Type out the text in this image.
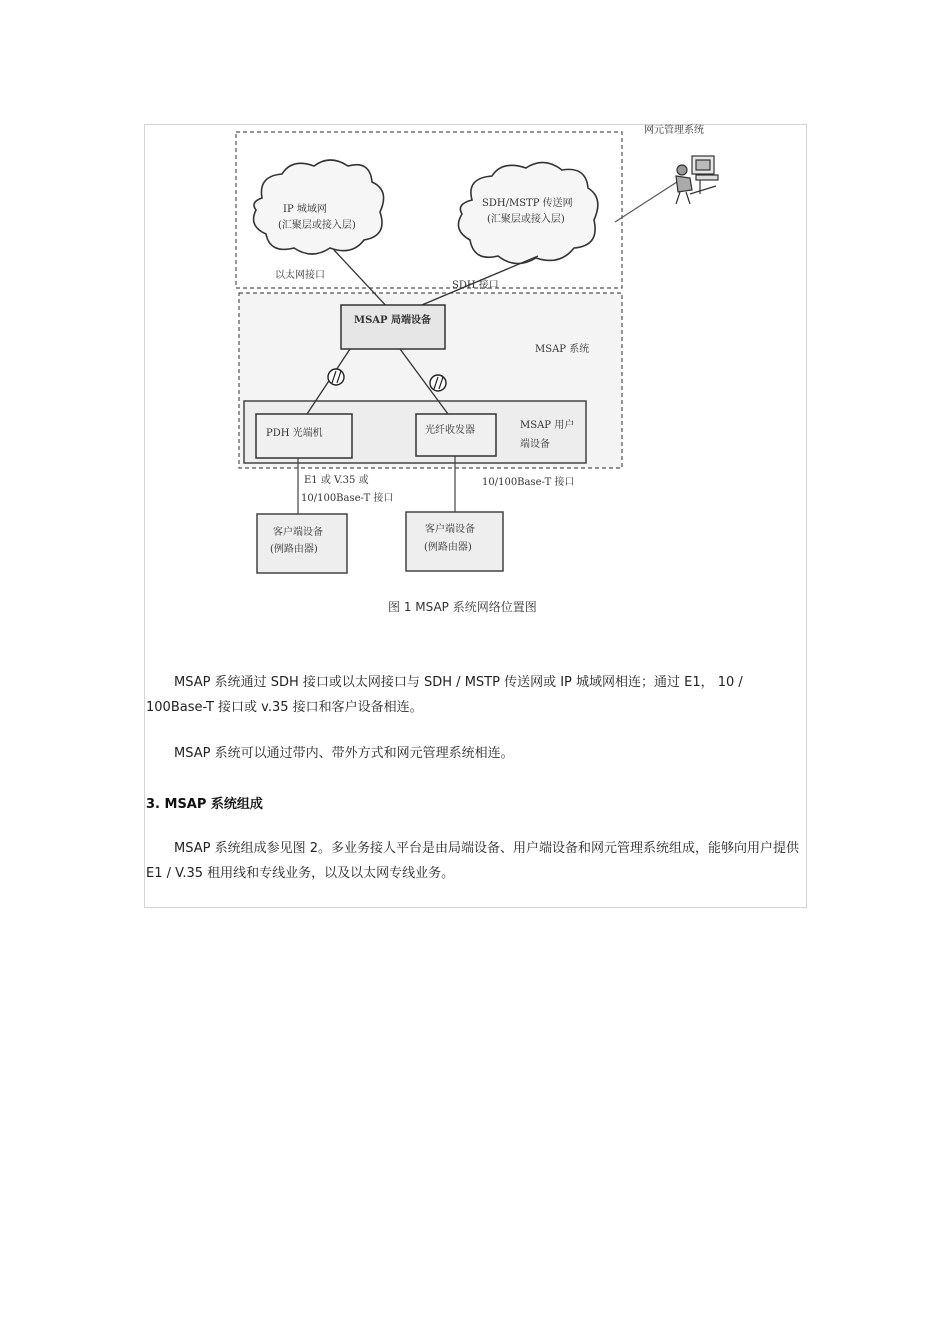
网元管理系统
IP 城域网
(汇聚层或接入层)
SDH/MSTP 传送网
(汇聚层或接入层)
以太网接口
SDH 接口
MSAP 局端设备
MSAP 系统
PDH 光端机	光纤收发器	MSAP 用户
端设备
E1 或 V.35 或
10/100Base-T 接口
10/100Base-T 接口
客户端设备
(例路由器)
客户端设备
(例路由器)
图 1 MSAP 系统网络位置图

MSAP 系统通过 SDH 接口或以太网接口与 SDH / MSTP 传送网或 IP 城域网相连；通过 E1， 10 / 100Base-T 接口或 v.35 接口和客户设备相连。

MSAP 系统可以通过带内、带外方式和网元管理系统相连。

3. MSAP 系统组成

MSAP 系统组成参见图 2。多业务接人平台是由局端设备、用户端设备和网元管理系统组成，能够向用户提供 E1 / V.35 租用线和专线业务，以及以太网专线业务。
